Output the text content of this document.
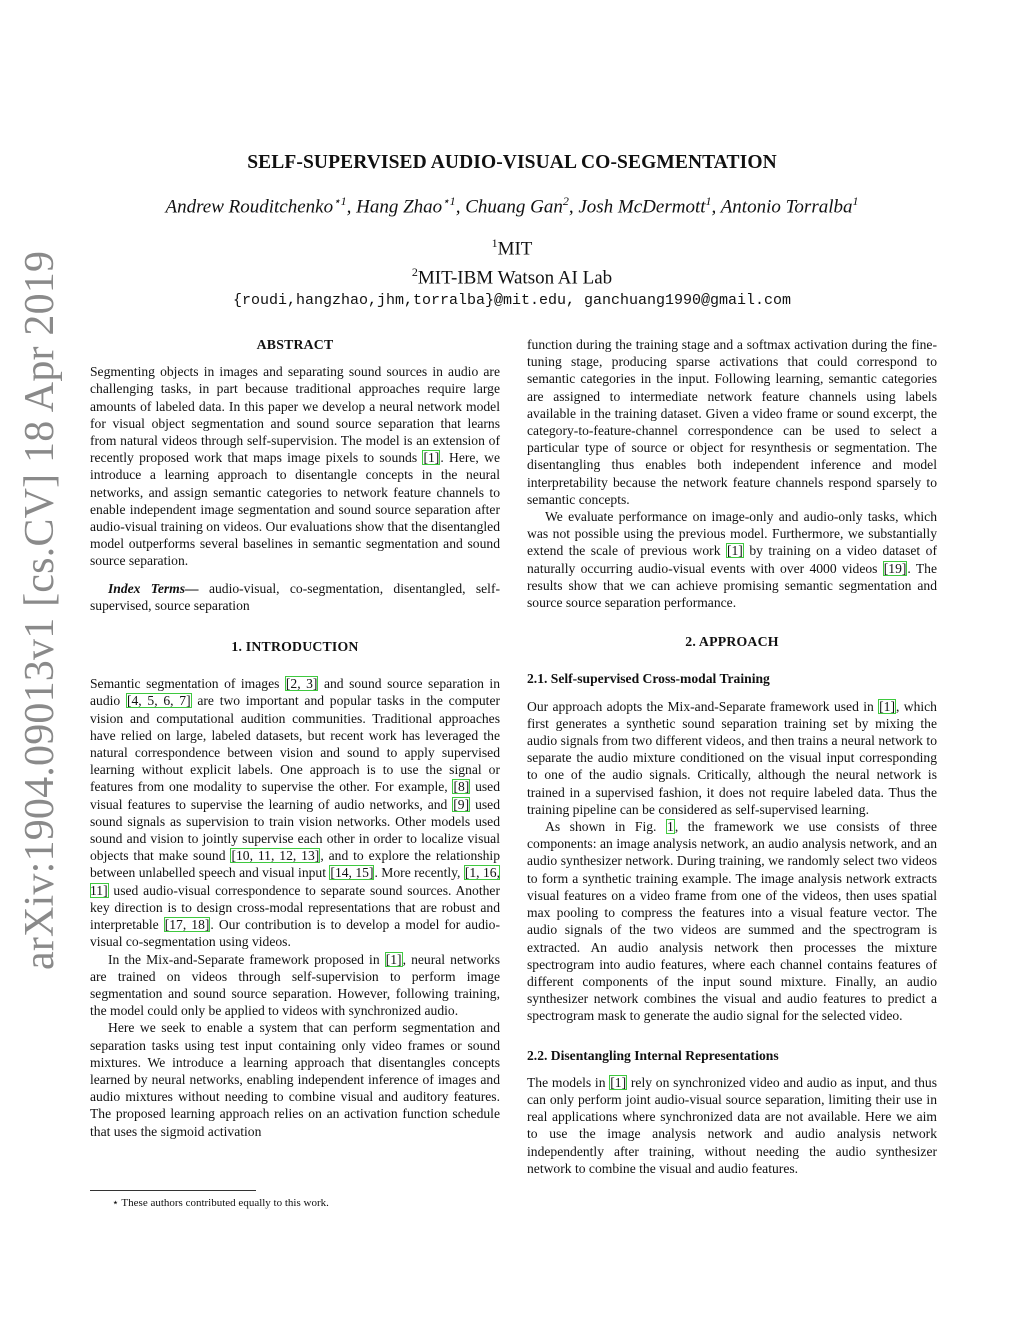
arXiv:1904.09013v1 [cs.CV] 18 Apr 2019
SELF-SUPERVISED AUDIO-VISUAL CO-SEGMENTATION
Andrew Rouditchenko$^{⋆1}$, Hang Zhao$^{⋆1}$, Chuang Gan$^2$, Josh McDermott$^1$, Antonio Torralba$^1$
$^1$MIT
$^2$MIT-IBM Watson AI Lab
{roudi,hangzhao,jhm,torralba}@mit.edu, ganchuang1990@gmail.com
ABSTRACT

Segmenting objects in images and separating sound sources in audio are challenging tasks, in part because traditional approaches require large amounts of labeled data. In this paper we develop a neural network model for visual object segmentation and sound source separation that learns from natural videos through self-supervision. The model is an extension of recently proposed work that maps image pixels to sounds [1]. Here, we introduce a learning approach to disentangle concepts in the neural networks, and assign semantic categories to network feature channels to enable independent image segmentation and sound source separation after audio-visual training on videos. Our evaluations show that the disentangled model outperforms several baselines in semantic segmentation and sound source separation.

Index Terms— audio-visual, co-segmentation, disentangled, self-supervised, source separation

1. INTRODUCTION

Semantic segmentation of images [2, 3] and sound source separation in audio [4, 5, 6, 7] are two important and popular tasks in the computer vision and computational audition communities. Traditional approaches have relied on large, labeled datasets, but recent work has leveraged the natural correspondence between vision and sound to apply supervised learning without explicit labels. One approach is to use the signal or features from one modality to supervise the other. For example, [8] used visual features to supervise the learning of audio networks, and [9] used sound signals as supervision to train vision networks. Other models used sound and vision to jointly supervise each other in order to localize visual objects that make sound [10, 11, 12, 13], and to explore the relationship between unlabelled speech and visual input [14, 15]. More recently, [1, 16, 11] used audio-visual correspondence to separate sound sources. Another key direction is to design cross-modal representations that are robust and interpretable [17, 18]. Our contribution is to develop a model for audio-visual co-segmentation using videos.

In the Mix-and-Separate framework proposed in [1], neural networks are trained on videos through self-supervision to perform image segmentation and sound source separation. However, following training, the model could only be applied to videos with synchronized audio.

Here we seek to enable a system that can perform segmentation and separation tasks using test input containing only video frames or sound mixtures. We introduce a learning approach that disentangles concepts learned by neural networks, enabling independent inference of images and audio mixtures without needing to combine visual and auditory features. The proposed learning approach relies on an activation function schedule that uses the sigmoid activation

function during the training stage and a softmax activation during the fine-tuning stage, producing sparse activations that could correspond to semantic categories in the input. Following learning, semantic categories are assigned to intermediate network feature channels using labels available in the training dataset. Given a video frame or sound excerpt, the category-to-feature-channel correspondence can be used to select a particular type of source or object for resynthesis or segmentation. The disentangling thus enables both independent inference and model interpretability because the network feature channels respond sparsely to semantic concepts.

We evaluate performance on image-only and audio-only tasks, which was not possible using the previous model. Furthermore, we substantially extend the scale of previous work [1] by training on a video dataset of naturally occurring audio-visual events with over 4000 videos [19]. The results show that we can achieve promising semantic segmentation and source source separation performance.

2. APPROACH
2.1. Self-supervised Cross-modal Training

Our approach adopts the Mix-and-Separate framework used in [1], which first generates a synthetic sound separation training set by mixing the audio signals from two different videos, and then trains a neural network to separate the audio mixture conditioned on the visual input corresponding to one of the audio signals. Critically, although the neural network is trained in a supervised fashion, it does not require labeled data. Thus the training pipeline can be considered as self-supervised learning.

As shown in Fig. 1, the framework we use consists of three components: an image analysis network, an audio analysis network, and an audio synthesizer network. During training, we randomly select two videos to form a synthetic training example. The image analysis network extracts visual features on a video frame from one of the videos, then uses spatial max pooling to compress the features into a visual feature vector. The audio signals of the two videos are summed and the spectrogram is extracted. An audio analysis network then processes the mixture spectrogram into audio features, where each channel contains features of different components of the input sound mixture. Finally, an audio synthesizer network combines the visual and audio features to predict a spectrogram mask to generate the audio signal for the selected video.

2.2. Disentangling Internal Representations

The models in [1] rely on synchronized video and audio as input, and thus can only perform joint audio-visual source separation, limiting their use in real applications where synchronized data are not available. Here we aim to use the image analysis network and audio analysis network independently after training, without needing the audio synthesizer network to combine the visual and audio features.

⋆ These authors contributed equally to this work.
